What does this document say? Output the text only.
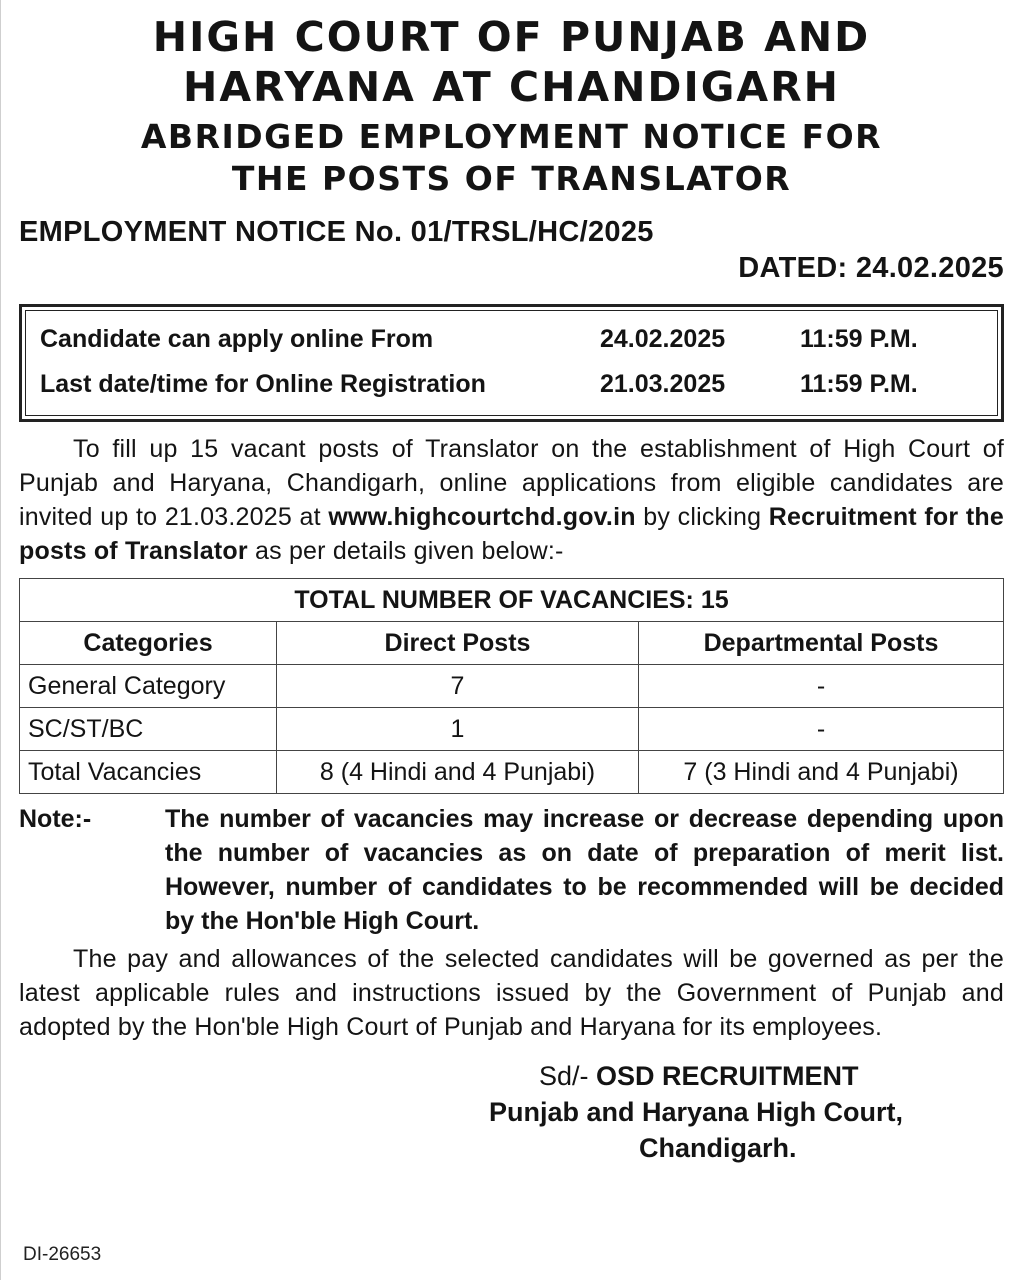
HIGH COURT OF PUNJAB AND
HARYANA AT CHANDIGARH
ABRIDGED EMPLOYMENT NOTICE FOR
THE POSTS OF TRANSLATOR
EMPLOYMENT NOTICE No. 01/TRSL/HC/2025
DATED: 24.02.2025
Candidate can apply online From	24.02.2025	11:59 P.M.
Last date/time for Online Registration	21.03.2025	11:59 P.M.
To fill up 15 vacant posts of Translator on the establishment of High Court of Punjab and Haryana, Chandigarh, online applications from eligible candidates are invited up to 21.03.2025 at www.highcourtchd.gov.in by clicking Recruitment for the posts of Translator as per details given below:-
TOTAL NUMBER OF VACANCIES: 15		
Categories	Direct Posts	Departmental Posts
General Category	7	-
SC/ST/BC	1	-
Total Vacancies	8 (4 Hindi and 4 Punjabi)	7 (3 Hindi and 4 Punjabi)
Note:-	The number of vacancies may increase or decrease depending upon the number of vacancies as on date of preparation of merit list. However, number of candidates to be recommended will be decided by the Hon'ble High Court.
The pay and allowances of the selected candidates will be governed as per the latest applicable rules and instructions issued by the Government of Punjab and adopted by the Hon'ble High Court of Punjab and Haryana for its employees.
Sd/- OSD RECRUITMENT
Punjab and Haryana High Court,
Chandigarh.
DI-26653
